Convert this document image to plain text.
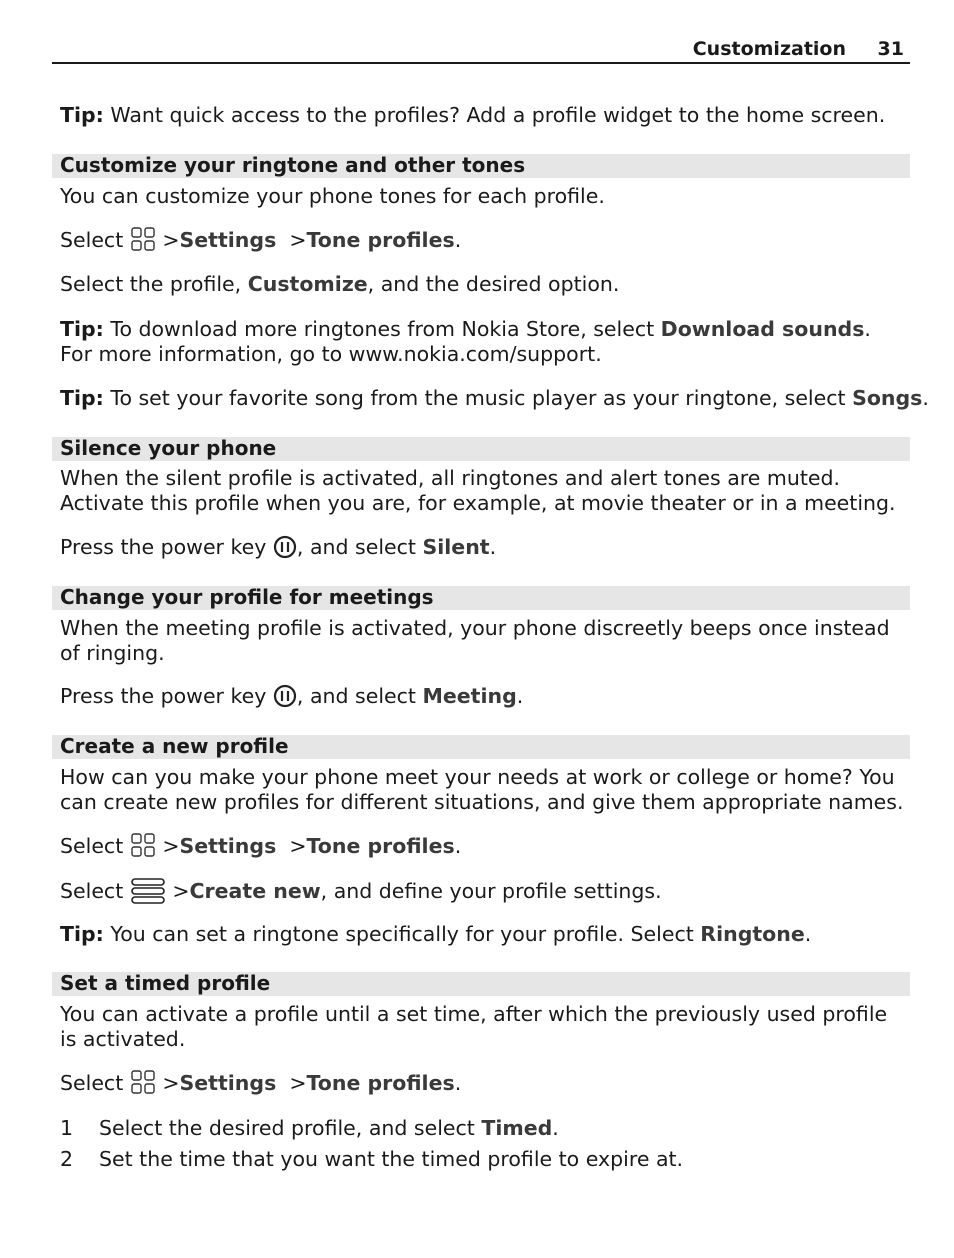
Customization 31
Tip: Want quick access to the profiles? Add a profile widget to the home screen.
Customize your ringtone and other tones
You can customize your phone tones for each profile.
Select >Settings >Tone profiles.
Select the profile, Customize, and the desired option.
Tip: To download more ringtones from Nokia Store, select Download sounds. For more information, go to www.nokia.com/support.
Tip: To set your favorite song from the music player as your ringtone, select Songs.
Silence your phone
When the silent profile is activated, all ringtones and alert tones are muted. Activate this profile when you are, for example, at movie theater or in a meeting.
Press the power key
, and select Silent.
Change your profile for meetings
When the meeting profile is activated, your phone discreetly beeps once instead of ringing.
Press the power key
, and select Meeting.
Create a new profile
How can you make your phone meet your needs at work or college or home? You can create new profiles for different situations, and give them appropriate names.
Select >Settings >Tone profiles.
Select >Create new, and define your profile settings.
Tip: You can set a ringtone specifically for your profile. Select Ringtone.
Set a timed profile
You can activate a profile until a set time, after which the previously used profile is activated.
Select >Settings >Tone profiles.
1 Select the desired profile, and select Timed.
2 Set the time that you want the timed profile to expire at.
